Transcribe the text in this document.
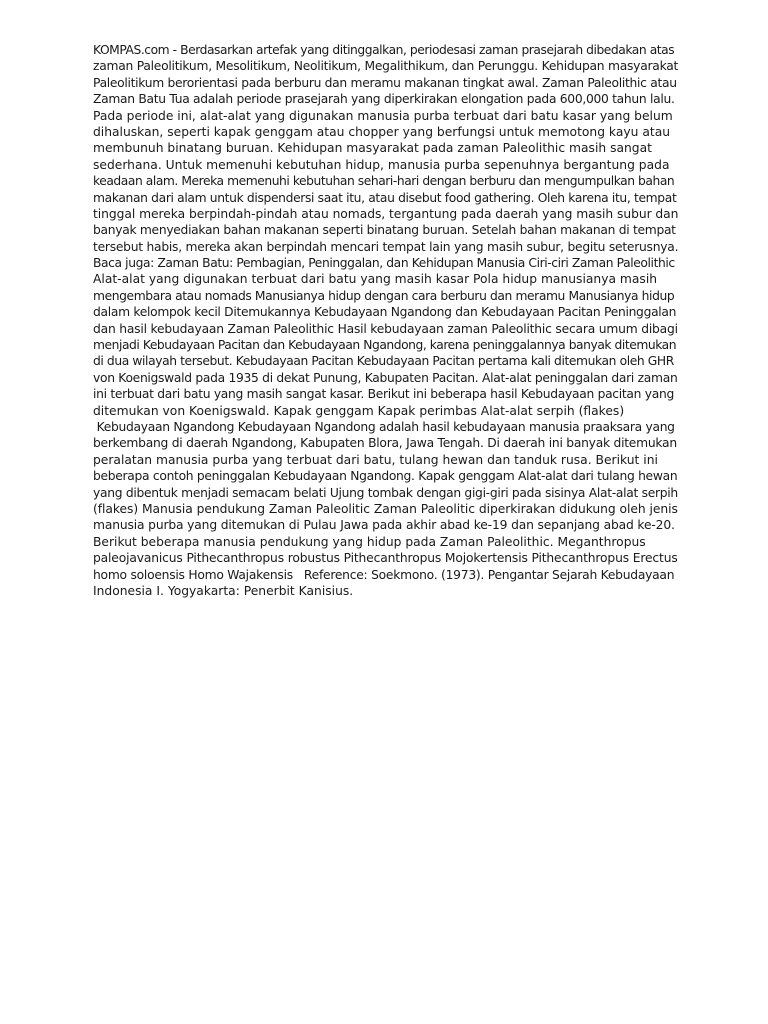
KOMPAS.com - Berdasarkan artefak yang ditinggalkan, periodesasi zaman prasejarah dibedakan atas
zaman Paleolitikum, Mesolitikum, Neolitikum, Megalithikum, dan Perunggu. Kehidupan masyarakat
Paleolitikum berorientasi pada berburu dan meramu makanan tingkat awal. Zaman Paleolithic atau
Zaman Batu Tua adalah periode prasejarah yang diperkirakan elongation pada 600,000 tahun lalu.
Pada periode ini, alat-alat yang digunakan manusia purba terbuat dari batu kasar yang belum
dihaluskan, seperti kapak genggam atau chopper yang berfungsi untuk memotong kayu atau
membunuh binatang buruan. Kehidupan masyarakat pada zaman Paleolithic masih sangat
sederhana. Untuk memenuhi kebutuhan hidup, manusia purba sepenuhnya bergantung pada
keadaan alam. Mereka memenuhi kebutuhan sehari-hari dengan berburu dan mengumpulkan bahan
makanan dari alam untuk dispendersi saat itu, atau disebut food gathering. Oleh karena itu, tempat
tinggal mereka berpindah-pindah atau nomads, tergantung pada daerah yang masih subur dan
banyak menyediakan bahan makanan seperti binatang buruan. Setelah bahan makanan di tempat
tersebut habis, mereka akan berpindah mencari tempat lain yang masih subur, begitu seterusnya.
Baca juga: Zaman Batu: Pembagian, Peninggalan, dan Kehidupan Manusia Ciri-ciri Zaman Paleolithic
Alat-alat yang digunakan terbuat dari batu yang masih kasar Pola hidup manusianya masih
mengembara atau nomads Manusianya hidup dengan cara berburu dan meramu Manusianya hidup
dalam kelompok kecil Ditemukannya Kebudayaan Ngandong dan Kebudayaan Pacitan Peninggalan
dan hasil kebudayaan Zaman Paleolithic Hasil kebudayaan zaman Paleolithic secara umum dibagi
menjadi Kebudayaan Pacitan dan Kebudayaan Ngandong, karena peninggalannya banyak ditemukan
di dua wilayah tersebut. Kebudayaan Pacitan Kebudayaan Pacitan pertama kali ditemukan oleh GHR
von Koenigswald pada 1935 di dekat Punung, Kabupaten Pacitan. Alat-alat peninggalan dari zaman
ini terbuat dari batu yang masih sangat kasar. Berikut ini beberapa hasil Kebudayaan pacitan yang
ditemukan von Koenigswald. Kapak genggam Kapak perimbas Alat-alat serpih (flakes)
Kebudayaan Ngandong Kebudayaan Ngandong adalah hasil kebudayaan manusia praaksara yang
berkembang di daerah Ngandong, Kabupaten Blora, Jawa Tengah. Di daerah ini banyak ditemukan
peralatan manusia purba yang terbuat dari batu, tulang hewan dan tanduk rusa. Berikut ini
beberapa contoh peninggalan Kebudayaan Ngandong. Kapak genggam Alat-alat dari tulang hewan
yang dibentuk menjadi semacam belati Ujung tombak dengan gigi-giri pada sisinya Alat-alat serpih
(flakes) Manusia pendukung Zaman Paleolitic Zaman Paleolitic diperkirakan didukung oleh jenis
manusia purba yang ditemukan di Pulau Jawa pada akhir abad ke-19 dan sepanjang abad ke-20.
Berikut beberapa manusia pendukung yang hidup pada Zaman Paleolithic. Meganthropus
paleojavanicus Pithecanthropus robustus Pithecanthropus Mojokertensis Pithecanthropus Erectus
homo soloensis Homo Wajakensis   Reference: Soekmono. (1973). Pengantar Sejarah Kebudayaan
Indonesia I. Yogyakarta: Penerbit Kanisius.
